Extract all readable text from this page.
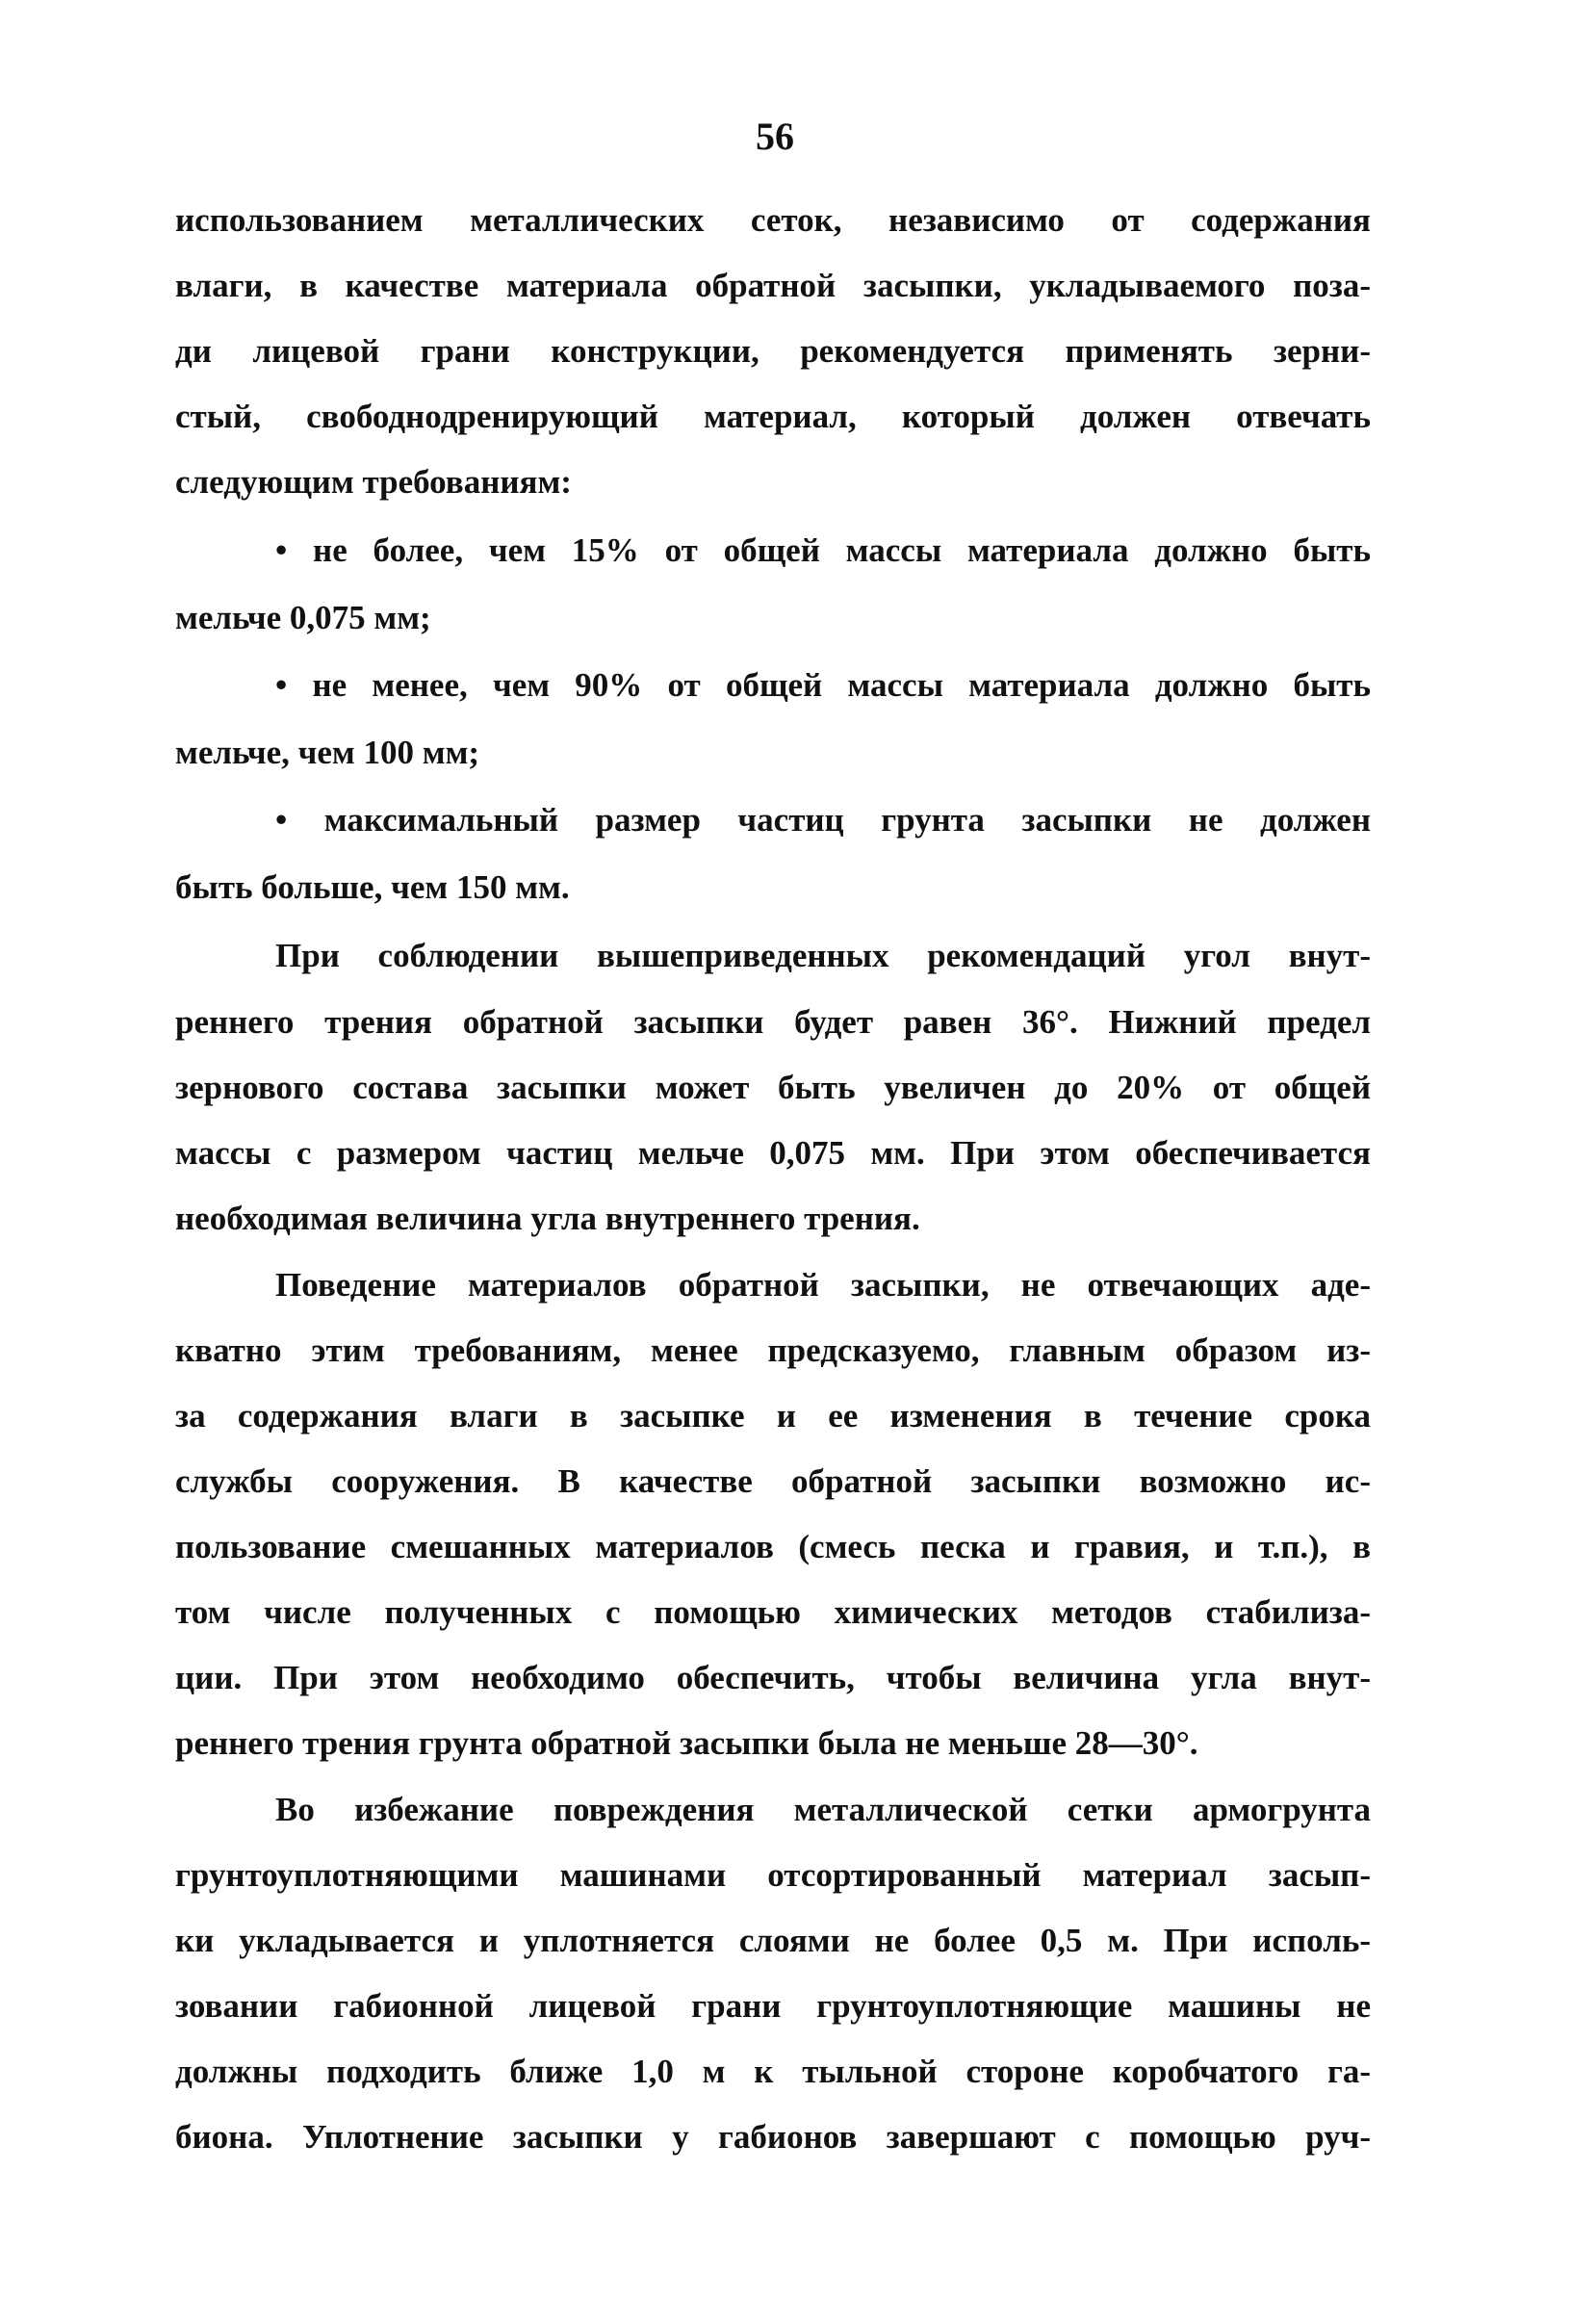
56
использованием металлических сеток, независимо от содержания
влаги, в качестве материала обратной засыпки, укладываемого поза-
ди лицевой грани конструкции, рекомендуется применять зерни-
стый, свободнодренирующий материал, который должен отвечать
следующим требованиям:
• не более, чем 15% от общей массы материала должно быть
мельче 0,075 мм;
• не менее, чем 90% от общей массы материала должно быть
мельче, чем 100 мм;
• максимальный размер частиц грунта засыпки не должен
быть больше, чем 150 мм.
При соблюдении вышеприведенных рекомендаций угол внут-
реннего трения обратной засыпки будет равен 36°. Нижний предел
зернового состава засыпки может быть увеличен до 20% от общей
массы с размером частиц мельче 0,075 мм. При этом обеспечивается
необходимая величина угла внутреннего трения.
Поведение материалов обратной засыпки, не отвечающих аде-
кватно этим требованиям, менее предсказуемо, главным образом из-
за содержания влаги в засыпке и ее изменения в течение срока
службы сооружения. В качестве обратной засыпки возможно ис-
пользование смешанных материалов (смесь песка и гравия, и т.п.), в
том числе полученных с помощью химических методов стабилиза-
ции. При этом необходимо обеспечить, чтобы величина угла внут-
реннего трения грунта обратной засыпки была не меньше 28—30°.
Во избежание повреждения металлической сетки армогрунта
грунтоуплотняющими машинами отсортированный материал засып-
ки укладывается и уплотняется слоями не более 0,5 м. При исполь-
зовании габионной лицевой грани грунтоуплотняющие машины не
должны подходить ближе 1,0 м к тыльной стороне коробчатого га-
биона. Уплотнение засыпки у габионов завершают с помощью руч-
